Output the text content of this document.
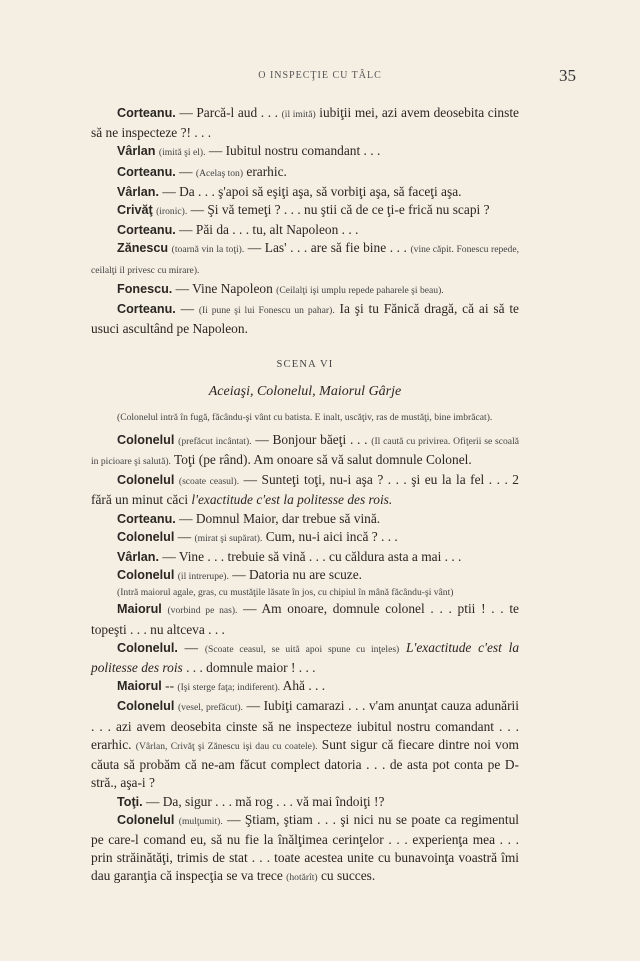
O INSPECŢIE CU TÂLC	35

Corteanu. — Parcă-l aud . . . (il imită) iubiţii mei, azi avem deosebita cinste să ne inspecteze ?! . . .

Vârlan (imită şi el). — Iubitul nostru comandant . . .

Corteanu. — (Acelaş ton) erarhic.

Vârlan. — Da . . . ş'apoi să eşiţi aşa, să vorbiţi aşa, să faceţi aşa.

Crivăţ (ironic). — Şi vă temeţi ? . . . nu ştii că de ce ţi-e frică nu scapi ?

Corteanu. — Păi da . . . tu, alt Napoleon . . .

Zănescu (toarnă vin la toţi). — Las' . . . are să fie bine . . . (vine căpit. Fonescu repede, ceilalţi il privesc cu mirare).

Fonescu. — Vine Napoleon (Ceilalţi işi umplu repede paharele şi beau).

Corteanu. — (Ii pune şi lui Fonescu un pahar). Ia şi tu Fănică dragă, că ai să te usuci ascultând pe Napoleon.

SCENA VI
Aceiaşi, Colonelul, Maiorul Gârje

(Colonelul intră în fugă, făcându-şi vânt cu batista. E inalt, uscăţiv, ras de mustăţi, bine imbrăcat).

Colonelul (prefăcut incântat). — Bonjour băeţi . . . (Il caută cu privirea. Ofiţerii se scoală in picioare şi salută). Toţi (pe rând). Am onoare să vă salut domnule Colonel.

Colonelul (scoate ceasul). — Sunteţi toţi, nu-i aşa ? . . . şi eu la la fel . . . 2 fără un minut căci l'exactitude c'est la politesse des rois.

Corteanu. — Domnul Maior, dar trebue să vină.

Colonelul — (mirat şi supărat). Cum, nu-i aici incă ? . . .

Vârlan. — Vine . . . trebuie să vină . . . cu căldura asta a mai . . .

Colonelul (il intrerupe). — Datoria nu are scuze.

(Intră maiorul agale, gras, cu mustăţile lăsate în jos, cu chipiul în mână făcându-şi vânt)

Maiorul (vorbind pe nas). — Am onoare, domnule colonel . . . ptii ! . . te topeşti . . . nu altceva . . .

Colonelul. — (Scoate ceasul, se uită apoi spune cu inţeles) L'exactitude c'est la politesse des rois . . . domnule maior ! . . .

Maiorul -- (Işi sterge faţa; indiferent). Ahă . . .

Colonelul (vesel, prefăcut). — Iubiţi camarazi . . . v'am anunţat cauza adunării . . . azi avem deosebita cinste să ne inspecteze iubitul nostru comandant . . . erarhic. (Vârlan, Crivăţ şi Zănescu işi dau cu coatele). Sunt sigur că fiecare dintre noi vom căuta să probăm că ne-am făcut complect datoria . . . de asta pot conta pe D-stră., aşa-i ?

Toţi. — Da, sigur . . . mă rog . . . vă mai îndoiţi !?

Colonelul (mulţumit). — Ştiam, ştiam . . . şi nici nu se poate ca regimentul pe care-l comand eu, să nu fie la înălţimea cerinţelor . . . experienţa mea . . . prin străinătăţi, trimis de stat . . . toate acestea unite cu bunavoinţa voastră îmi dau garanţia că inspecţia se va trece (hotărît) cu succes.
